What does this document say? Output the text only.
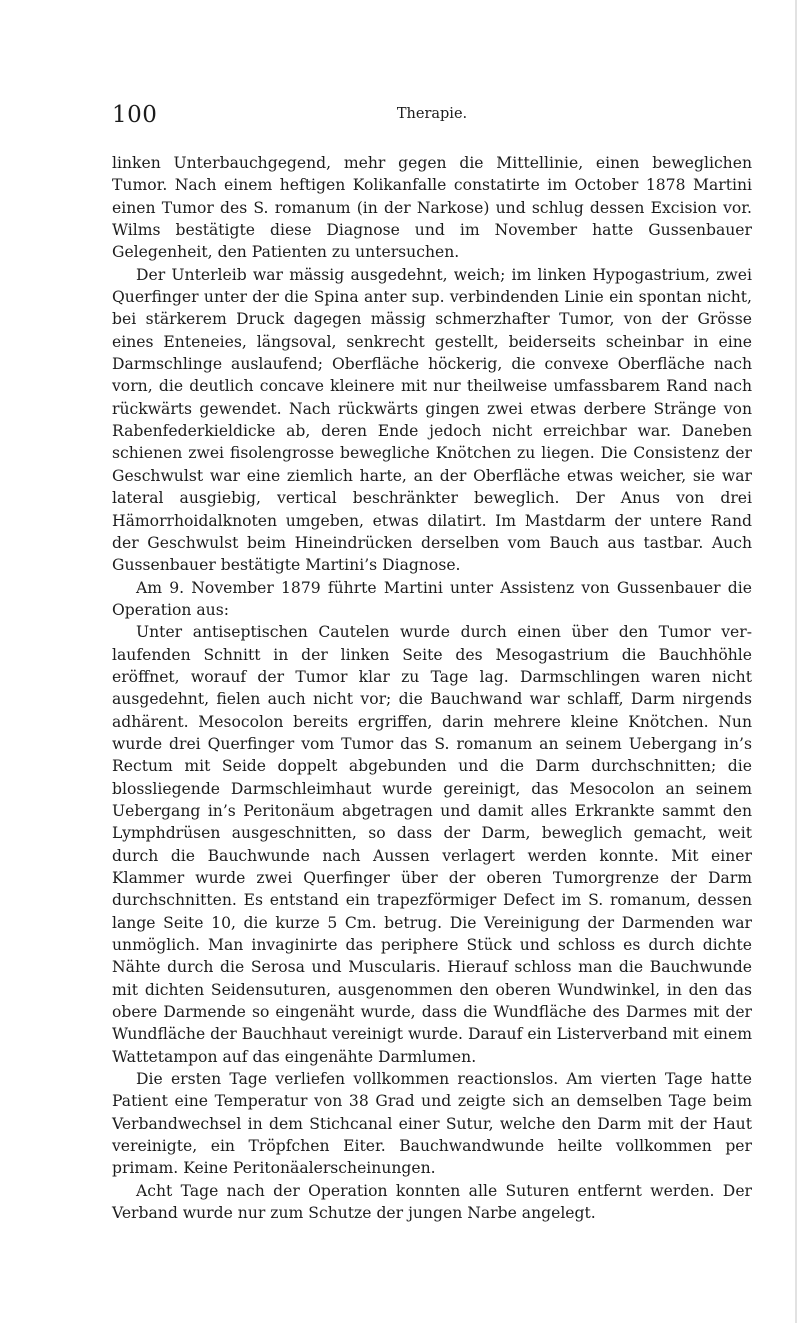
100	Therapie.

linken Unterbauchgegend, mehr gegen die Mittellinie, einen beweglichen Tumor. Nach einem heftigen Kolikanfalle constatirte im October 1878 Martini einen Tumor des S. romanum (in der Narkose) und schlug dessen Excision vor. Wilms bestätigte diese Diagnose und im November hatte Gussenbauer Gelegenheit, den Patienten zu untersuchen.

Der Unterleib war mässig ausgedehnt, weich; im linken Hypogastrium, zwei Querfinger unter der die Spina anter sup. verbindenden Linie ein spontan nicht, bei stärkerem Druck dagegen mässig schmerzhafter Tumor, von der Grösse eines Enteneies, längsoval, senkrecht gestellt, beiderseits scheinbar in eine Darmschlinge auslaufend; Oberfläche höckerig, die convexe Oberfläche nach vorn, die deutlich concave kleinere mit nur theilweise umfassbarem Rand nach rückwärts gewendet. Nach rückwärts gingen zwei etwas derbere Stränge von Rabenfederkieldicke ab, deren Ende jedoch nicht erreichbar war. Daneben schienen zwei fisolengrosse bewegliche Knötchen zu liegen. Die Consistenz der Geschwulst war eine ziemlich harte, an der Oberfläche etwas weicher, sie war lateral ausgiebig, vertical beschränkter beweglich. Der Anus von drei Hämorrhoidalknoten umgeben, etwas dilatirt. Im Mastdarm der untere Rand der Geschwulst beim Hineindrücken derselben vom Bauch aus tastbar. Auch Gussenbauer bestätigte Martini’s Diagnose.

Am 9. November 1879 führte Martini unter Assistenz von Gussenbauer die Operation aus:

Unter antiseptischen Cautelen wurde durch einen über den Tumor verlaufenden Schnitt in der linken Seite des Mesogastrium die Bauchhöhle eröffnet, worauf der Tumor klar zu Tage lag. Darmschlingen waren nicht ausgedehnt, fielen auch nicht vor; die Bauchwand war schlaff, Darm nirgends adhärent. Mesocolon bereits ergriffen, darin mehrere kleine Knötchen. Nun wurde drei Querfinger vom Tumor das S. romanum an seinem Uebergang in’s Rectum mit Seide doppelt abgebunden und die Darm durchschnitten; die blossliegende Darmschleimhaut wurde gereinigt, das Mesocolon an seinem Uebergang in’s Peritonäum abgetragen und damit alles Erkrankte sammt den Lymphdrüsen ausgeschnitten, so dass der Darm, beweglich gemacht, weit durch die Bauchwunde nach Aussen verlagert werden konnte. Mit einer Klammer wurde zwei Querfinger über der oberen Tumorgrenze der Darm durchschnitten. Es entstand ein trapezförmiger Defect im S. romanum, dessen lange Seite 10, die kurze 5 Cm. betrug. Die Vereinigung der Darmenden war unmöglich. Man invaginirte das periphere Stück und schloss es durch dichte Nähte durch die Serosa und Muscularis. Hierauf schloss man die Bauchwunde mit dichten Seidensuturen, ausgenommen den oberen Wundwinkel, in den das obere Darmende so eingenäht wurde, dass die Wundfläche des Darmes mit der Wundfläche der Bauchhaut vereinigt wurde. Darauf ein Listerverband mit einem Wattetampon auf das eingenähte Darmlumen.

Die ersten Tage verliefen vollkommen reactionslos. Am vierten Tage hatte Patient eine Temperatur von 38 Grad und zeigte sich an demselben Tage beim Verbandwechsel in dem Stichcanal einer Sutur, welche den Darm mit der Haut vereinigte, ein Tröpfchen Eiter. Bauchwandwunde heilte vollkommen per primam. Keine Peritonäalerscheinungen.

Acht Tage nach der Operation konnten alle Suturen entfernt werden. Der Verband wurde nur zum Schutze der jungen Narbe angelegt.
